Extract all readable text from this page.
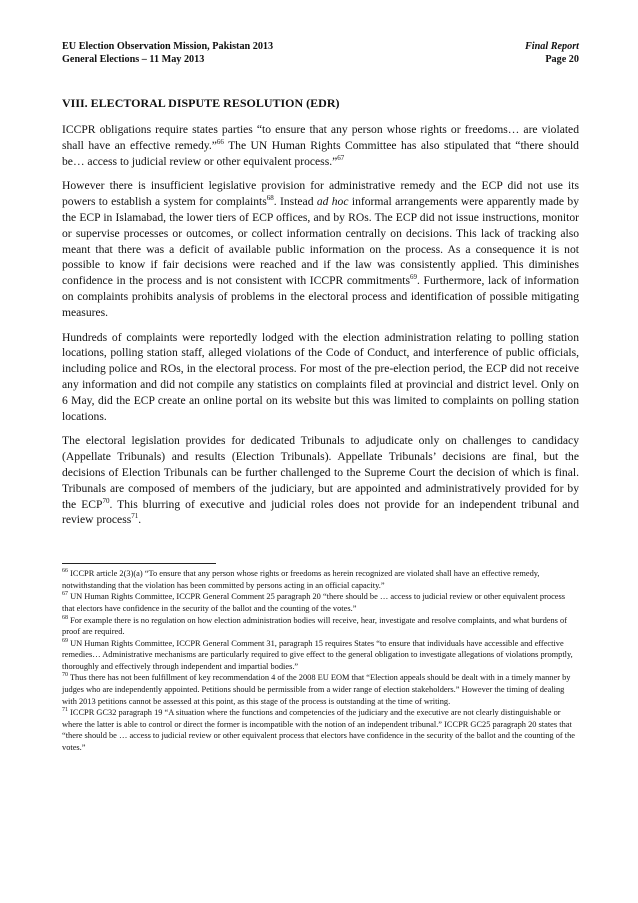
EU Election Observation Mission, Pakistan 2013
General Elections – 11 May 2013
Final Report
Page 20
VIII. ELECTORAL DISPUTE RESOLUTION (EDR)

ICCPR obligations require states parties “to ensure that any person whose rights or freedoms… are violated shall have an effective remedy.”$^{66}$ The UN Human Rights Committee has also stipulated that “there should be… access to judicial review or other equivalent process.”$^{67}$

However there is insufficient legislative provision for administrative remedy and the ECP did not use its powers to establish a system for complaints$^{68}$. Instead ad hoc informal arrangements were apparently made by the ECP in Islamabad, the lower tiers of ECP offices, and by ROs. The ECP did not issue instructions, monitor or supervise processes or outcomes, or collect information centrally on decisions. This lack of tracking also meant that there was a deficit of available public information on the process. As a consequence it is not possible to know if fair decisions were reached and if the law was consistently applied. This diminishes confidence in the process and is not consistent with ICCPR commitments$^{69}$. Furthermore, lack of information on complaints prohibits analysis of problems in the electoral process and identification of possible mitigating measures.

Hundreds of complaints were reportedly lodged with the election administration relating to polling station locations, polling station staff, alleged violations of the Code of Conduct, and interference of public officials, including police and ROs, in the electoral process. For most of the pre-election period, the ECP did not receive any information and did not compile any statistics on complaints filed at provincial and district level. Only on 6 May, did the ECP create an online portal on its website but this was limited to complaints on polling station locations.

The electoral legislation provides for dedicated Tribunals to adjudicate only on challenges to candidacy (Appellate Tribunals) and results (Election Tribunals). Appellate Tribunals’ decisions are final, but the decisions of Election Tribunals can be further challenged to the Supreme Court the decision of which is final. Tribunals are composed of members of the judiciary, but are appointed and administratively provided for by the ECP$^{70}$. This blurring of executive and judicial roles does not provide for an independent tribunal and review process$^{71}$.

$^{66}$ ICCPR article 2(3)(a) “To ensure that any person whose rights or freedoms as herein recognized are violated shall have an effective remedy, notwithstanding that the violation has been committed by persons acting in an official capacity.”

$^{67}$ UN Human Rights Committee, ICCPR General Comment 25 paragraph 20 “there should be … access to judicial review or other equivalent process that electors have confidence in the security of the ballot and the counting of the votes.”

$^{68}$ For example there is no regulation on how election administration bodies will receive, hear, investigate and resolve complaints, and what burdens of proof are required.

$^{69}$ UN Human Rights Committee, ICCPR General Comment 31, paragraph 15 requires States “to ensure that individuals have accessible and effective remedies… Administrative mechanisms are particularly required to give effect to the general obligation to investigate allegations of violations promptly, thoroughly and effectively through independent and impartial bodies.”

$^{70}$ Thus there has not been fulfillment of key recommendation 4 of the 2008 EU EOM that “Election appeals should be dealt with in a timely manner by judges who are independently appointed. Petitions should be permissible from a wider range of election stakeholders.” However the timing of dealing with 2013 petitions cannot be assessed at this point, as this stage of the process is outstanding at the time of writing.

$^{71}$ ICCPR GC32 paragraph 19 “A situation where the functions and competencies of the judiciary and the executive are not clearly distinguishable or where the latter is able to control or direct the former is incompatible with the notion of an independent tribunal.” ICCPR GC25 paragraph 20 states that “there should be … access to judicial review or other equivalent process that electors have confidence in the security of the ballot and the counting of the votes.”
